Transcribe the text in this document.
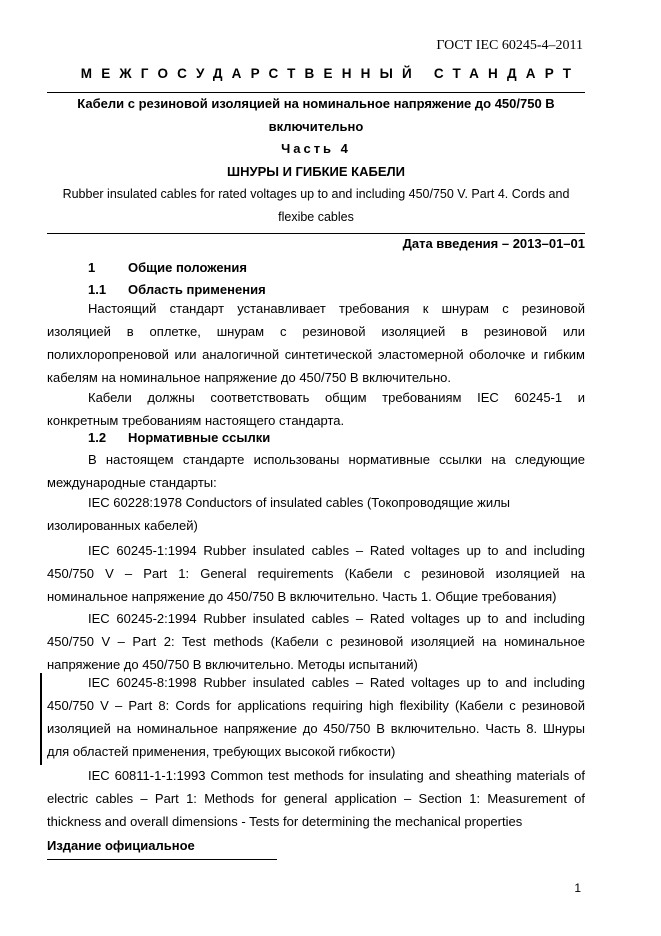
ГОСТ IEC 60245-4–2011
МЕЖГОСУДАРСТВЕННЫЙ СТАНДАРТ
Кабели с резиновой изоляцией на номинальное напряжение до 450/750 В
включительно
Часть 4
ШНУРЫ И ГИБКИЕ КАБЕЛИ
Rubber insulated cables for rated voltages up to and including 450/750 V. Part 4. Cords and
flexibe cables
Дата введения – 2013–01–01
1	Общие положения
1.1 Область применения
Настоящий стандарт устанавливает требования к шнурам с резиновой
изоляцией в оплетке, шнурам с резиновой изоляцией в резиновой или
полихлоропреновой или аналогичной синтетической эластомерной оболочке и гибким
кабелям на номинальное напряжение до 450/750 В включительно.
Кабели должны соответствовать общим требованиям IEC 60245-1 и
конкретным требованиям настоящего стандарта.
1.2 Нормативные ссылки
В настоящем стандарте использованы нормативные ссылки на следующие
международные стандарты:
IEC 60228:1978 Conductors of insulated cables (Токопроводящие жилы
изолированных кабелей)
IEC 60245-1:1994 Rubber insulated cables – Rated voltages up to and including
450/750 V – Part 1: General requirements (Кабели с резиновой изоляцией на
номинальное напряжение до 450/750 В включительно. Часть 1. Общие требования)
IEC 60245-2:1994 Rubber insulated cables – Rated voltages up to and including
450/750 V – Part 2: Test methods (Кабели с резиновой изоляцией на номинальное
напряжение до 450/750 В включительно. Методы испытаний)
IEC 60245-8:1998 Rubber insulated cables – Rated voltages up to and including
450/750 V – Part 8: Cords for applications requiring high flexibility (Кабели с резиновой
изоляцией на номинальное напряжение до 450/750 В включительно. Часть 8. Шнуры
для областей применения, требующих высокой гибкости)
IEC 60811-1-1:1993 Common test methods for insulating and sheathing materials of
electric cables – Part 1: Methods for general application – Section 1: Measurement of
thickness and overall dimensions - Tests for determining the mechanical properties
Издание официальное
1
